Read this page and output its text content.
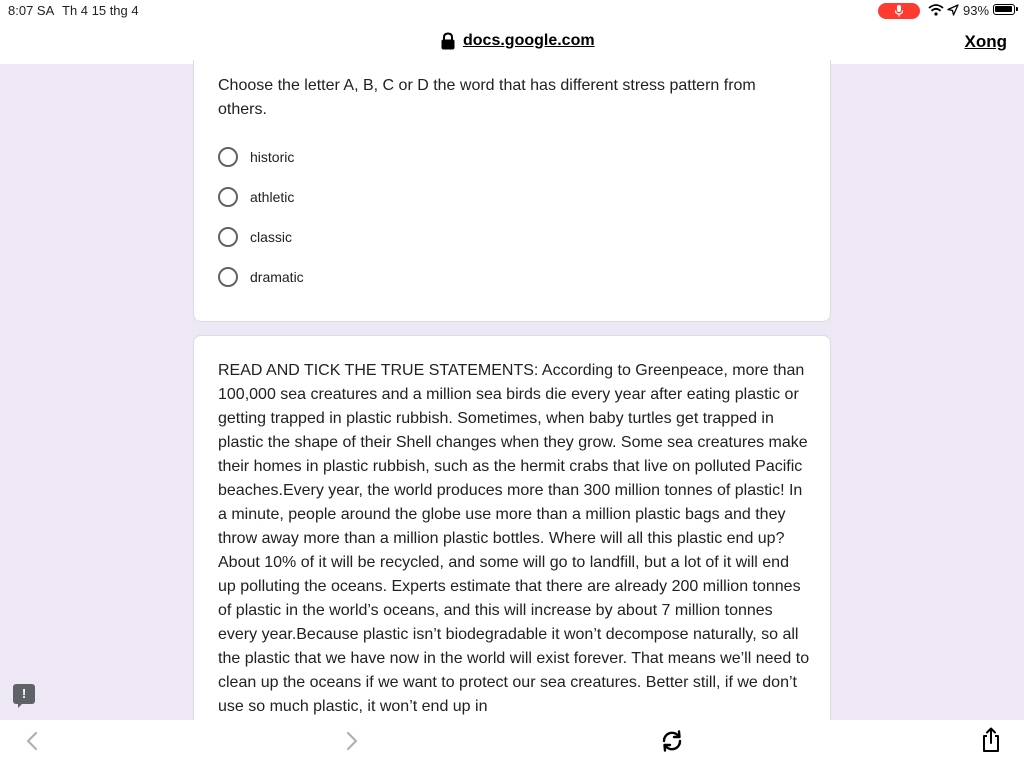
8:07 SA Th 4 15 thg 4	93%
docs.google.com	Xong

Choose the letter A, B, C or D the word that has different stress pattern from others.

historic
athletic
classic
dramatic

READ AND TICK THE TRUE STATEMENTS: According to Greenpeace, more than 100,000 sea creatures and a million sea birds die every year after eating plastic or getting trapped in plastic rubbish. Sometimes, when baby turtles get trapped in plastic the shape of their Shell changes when they grow. Some sea creatures make their homes in plastic rubbish, such as the hermit crabs that live on polluted Pacific beaches.Every year, the world produces more than 300 million tonnes of plastic! In a minute, people around the globe use more than a million plastic bags and they throw away more than a million plastic bottles. Where will all this plastic end up? About 10% of it will be recycled, and some will go to landfill, but a lot of it will end up polluting the oceans. Experts estimate that there are already 200 million tonnes of plastic in the world’s oceans, and this will increase by about 7 million tonnes every year.Because plastic isn’t biodegradable it won’t decompose naturally, so all the plastic that we have now in the world will exist forever. That means we’ll need to clean up the oceans if we want to protect our sea creatures. Better still, if we don’t use so much plastic, it won’t end up in

!
